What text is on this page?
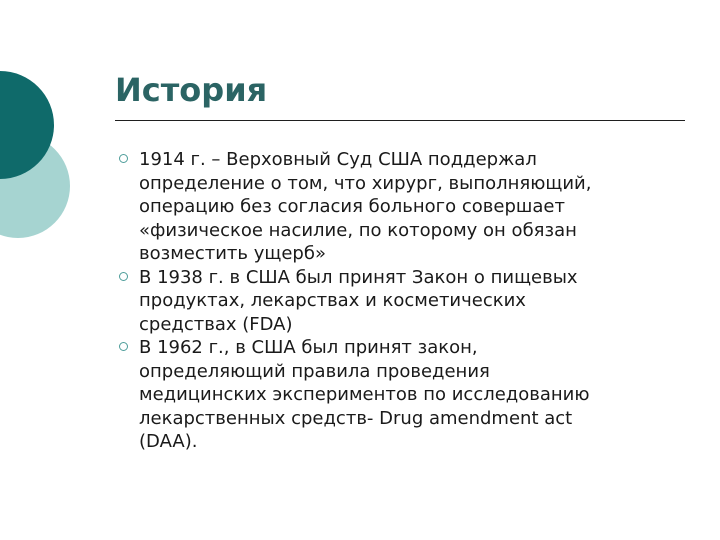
История
1914 г. – Верховный Суд США поддержал
определение о том, что хирург, выполняющий,
операцию без согласия больного совершает
«физическое насилие, по которому он обязан
возместить ущерб»
В 1938 г. в США был принят Закон о пищевых
продуктах, лекарствах и косметических
средствах (FDA)
В 1962 г., в США был принят закон,
определяющий правила проведения
медицинских экспериментов по исследованию
лекарственных средств- Drug amendment act
(DAA).
